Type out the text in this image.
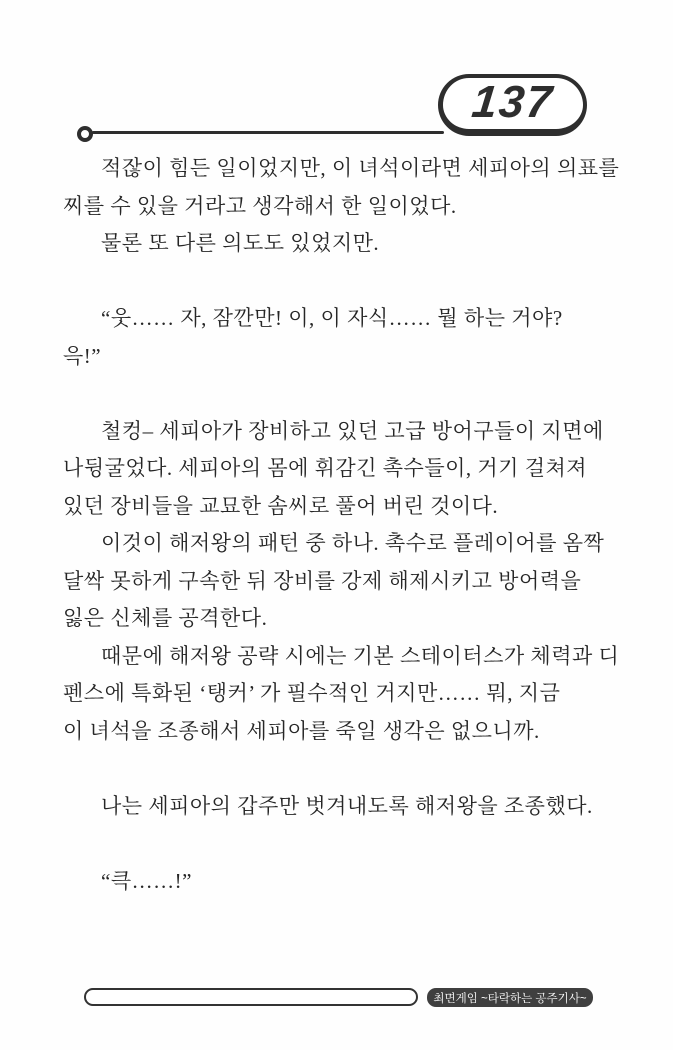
137
적잖이 힘든 일이었지만, 이 녀석이라면 세피아의 의표를
찌를 수 있을 거라고 생각해서 한 일이었다.
물론 또 다른 의도도 있었지만.
“웃…… 자, 잠깐만! 이, 이 자식…… 뭘 하는 거야?
윽!”
철컹– 세피아가 장비하고 있던 고급 방어구들이 지면에
나뒹굴었다. 세피아의 몸에 휘감긴 촉수들이, 거기 걸쳐져
있던 장비들을 교묘한 솜씨로 풀어 버린 것이다.
이것이 해저왕의 패턴 중 하나. 촉수로 플레이어를 옴짝
달싹 못하게 구속한 뒤 장비를 강제 해제시키고 방어력을
잃은 신체를 공격한다.
때문에 해저왕 공략 시에는 기본 스테이터스가 체력과 디
펜스에 특화된 ‘탱커’ 가 필수적인 거지만…… 뭐, 지금
이 녀석을 조종해서 세피아를 죽일 생각은 없으니까.
나는 세피아의 갑주만 벗겨내도록 해저왕을 조종했다.
“큭……!”
최면게임 ~타락하는 공주기사~
